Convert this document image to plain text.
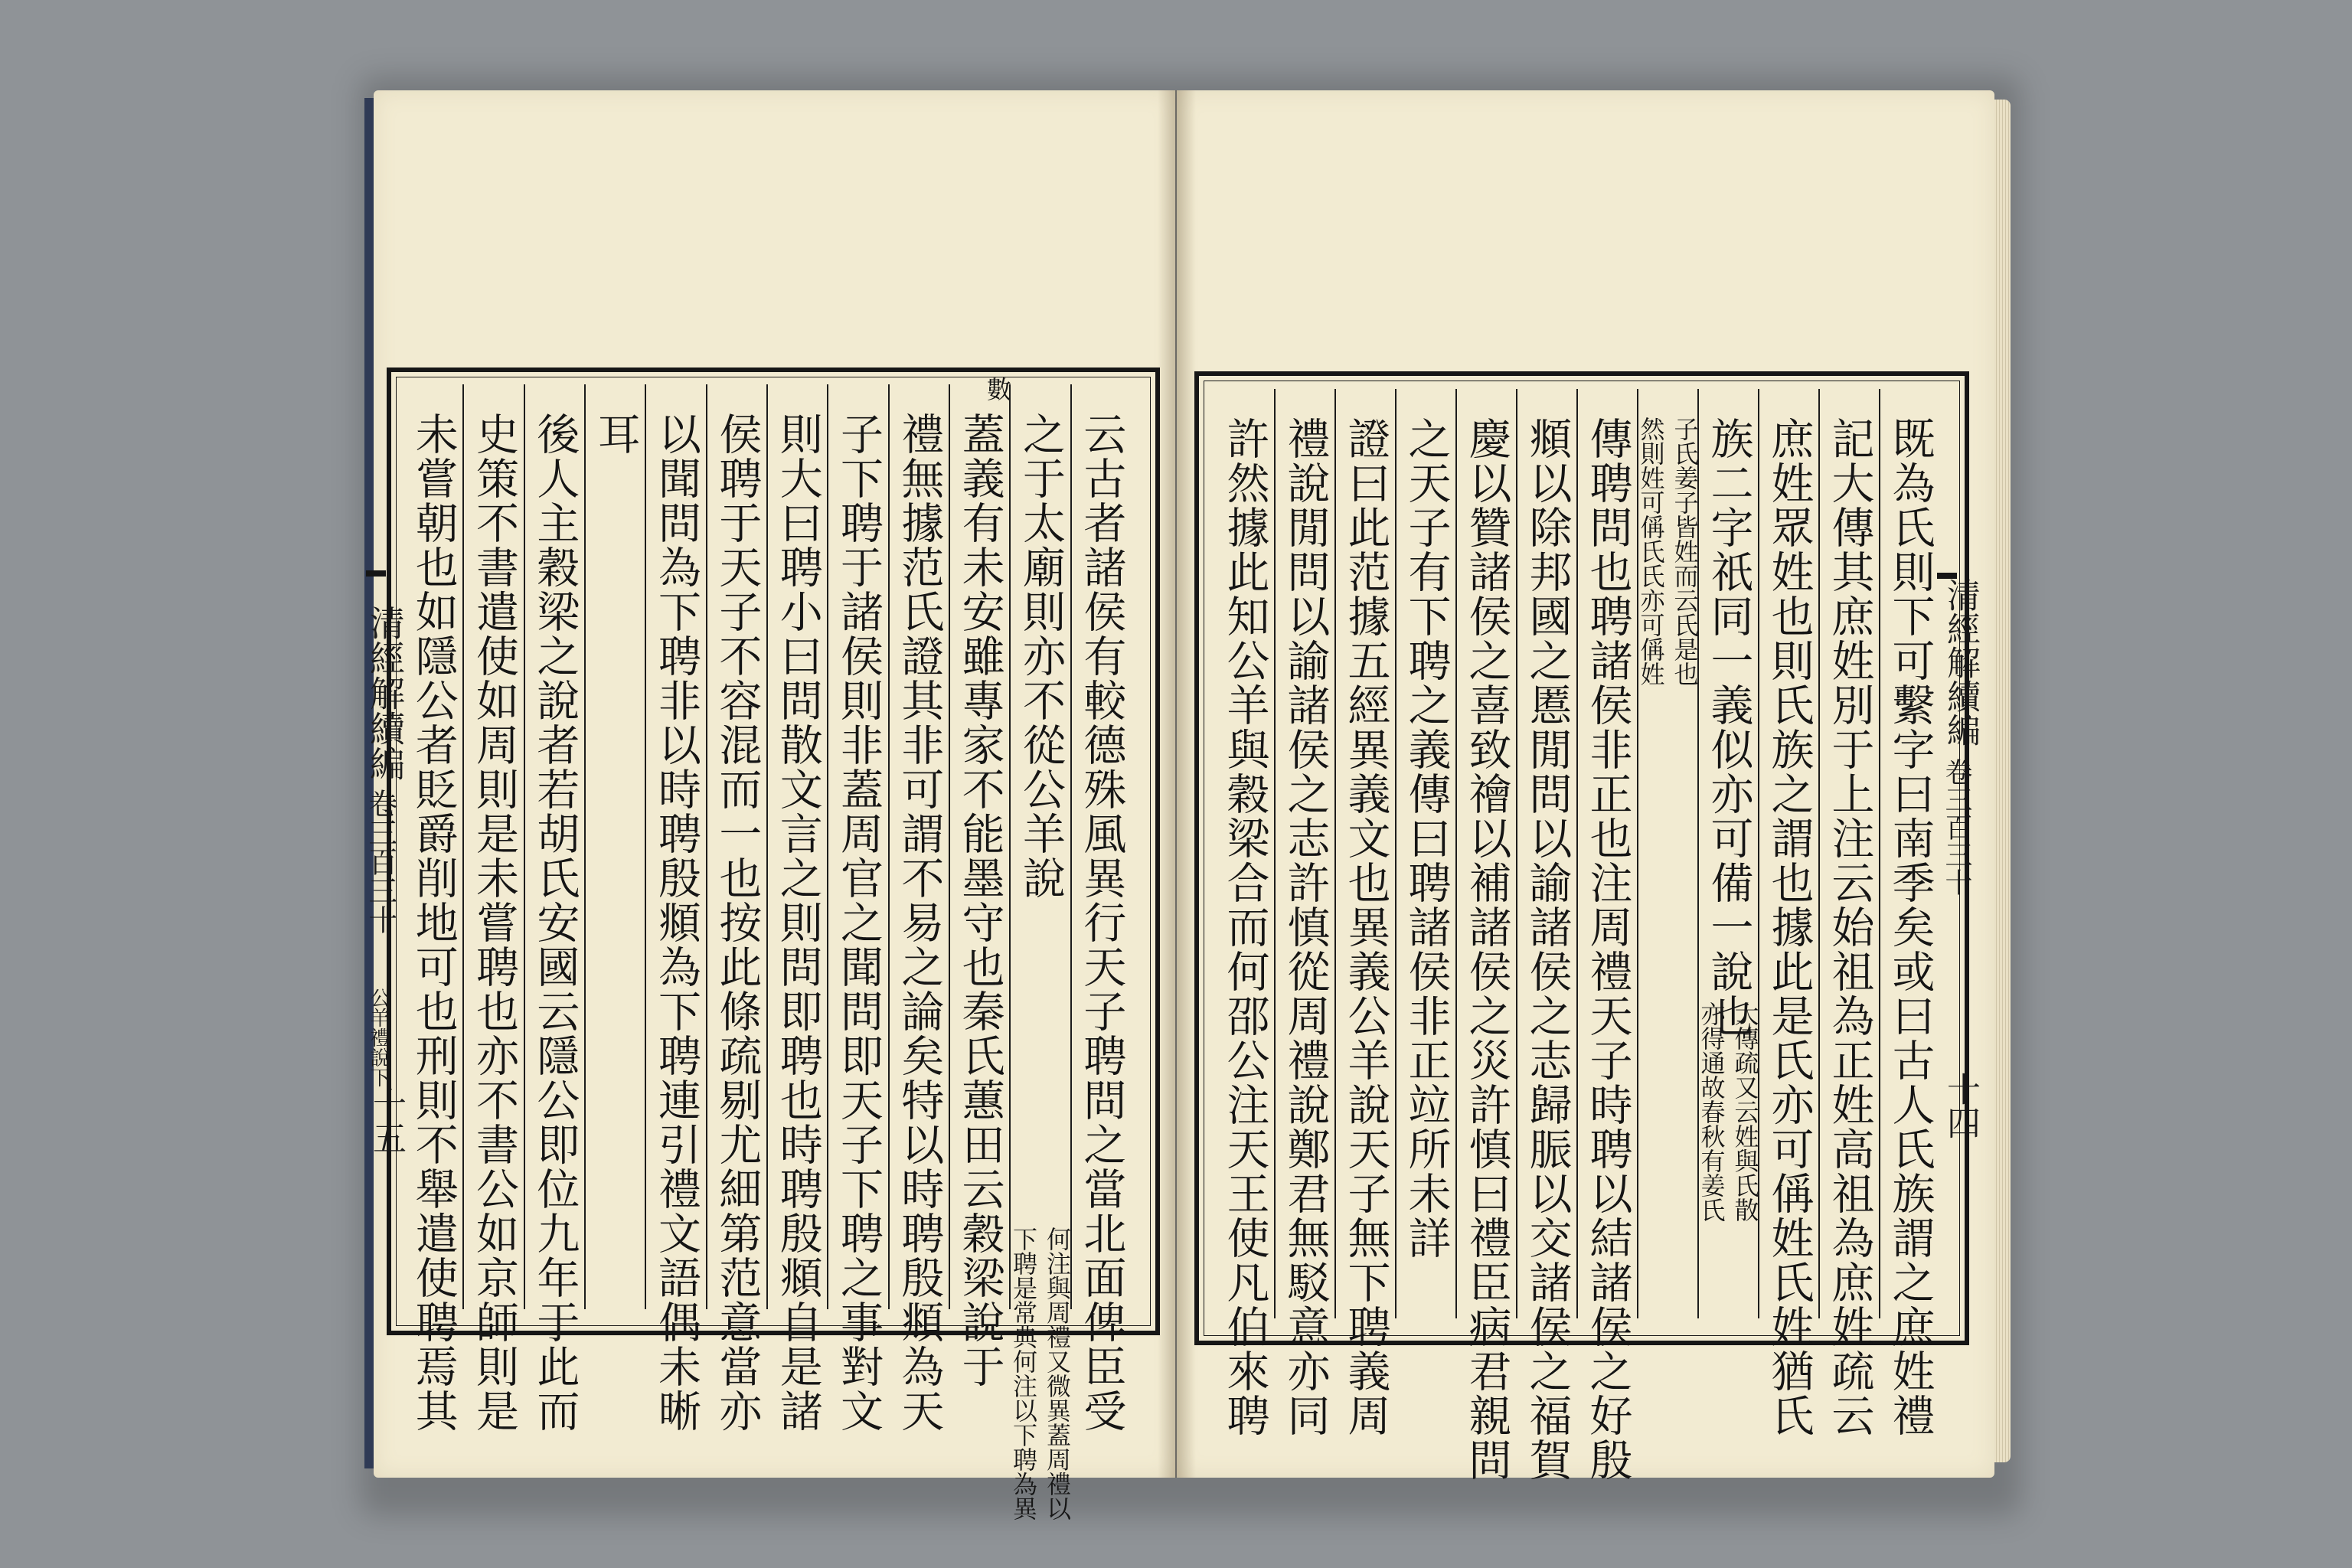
清經解續編
卷三百三十
公羊禮說下
十五
清經解續編
卷三百三十
十四
云古者諸侯有較德殊風異行天子聘問之當北面俾臣受
之于太廟則亦不從公羊說
何注與周禮又微異蓋周禮以
下聘是常典何注以下聘為異
蓋義有未安雖專家不能墨守也秦氏蕙田云穀梁說于
數
禮無據范氏證其非可謂不易之論矣特以時聘殷頫為天
子下聘于諸侯則非蓋周官之聞問即天子下聘之事對文
則大曰聘小曰問散文言之則問即聘也時聘殷頫自是諸
侯聘于天子不容混而一也按此條疏剔尤細第范意當亦
以聞問為下聘非以時聘殷頫為下聘連引禮文語偶未晰
耳
後人主穀梁之說者若胡氏安國云隱公即位九年于此而
史策不書遣使如周則是未嘗聘也亦不書公如京師則是
未嘗朝也如隱公者貶爵削地可也刑則不舉遣使聘焉其	既為氏則下可繫字曰南季矣或曰古人氏族謂之庶姓禮
記大傳其庶姓別于上注云始祖為正姓高祖為庶姓疏云
庶姓眾姓也則氏族之謂也據此是氏亦可偁姓氏姓猶氏
族二字祇同一義似亦可備一說也
大傳疏又云姓與氏散
亦得通故春秋有姜氏
子氏姜子皆姓而云氏是也
然則姓可偁氏氏亦可偁姓
傳聘問也聘諸侯非正也注周禮天子時聘以結諸侯之好殷
頫以除邦國之慝閒問以諭諸侯之志歸脤以交諸侯之福賀
慶以贊諸侯之喜致禬以補諸侯之災許慎曰禮臣病君親問
之天子有下聘之義傳曰聘諸侯非正竝所未詳
證曰此范據五經異義文也異義公羊說天子無下聘義周
禮說閒問以諭諸侯之志許慎從周禮說鄭君無駁意亦同
許然據此知公羊與穀梁合而何邵公注天王使凡伯來聘
